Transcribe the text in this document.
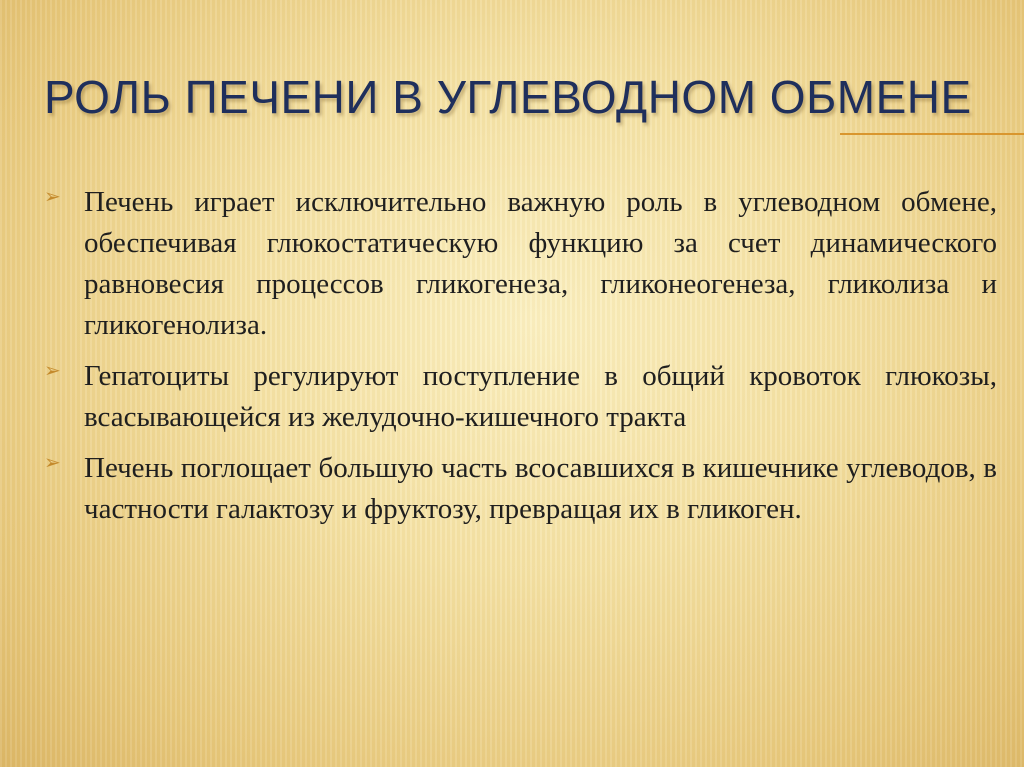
РОЛЬ ПЕЧЕНИ В УГЛЕВОДНОМ ОБМЕНЕ
➢ Печень играет исключительно важную роль в углеводном обмене, обеспечивая глюкостатическую функцию за счет динамического равновесия процессов гликогенеза, гликонеогенеза, гликолиза и гликогенолиза.
➢ Гепатоциты регулируют поступление в общий кровоток глюкозы, всасывающейся из желудочно-кишечного тракта
➢ Печень поглощает большую часть всосавшихся в кишечнике углеводов, в частности галактозу и фруктозу, превращая их в гликоген.
